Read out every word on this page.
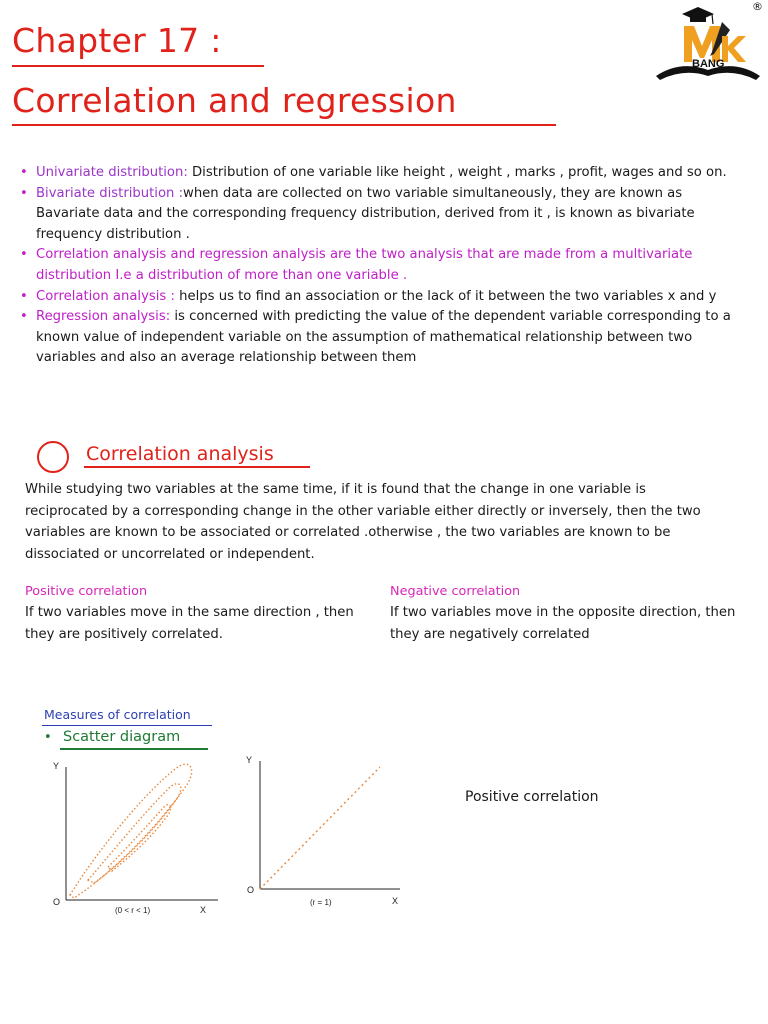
Chapter 17 :
Correlation and regression
BANG
®
• Univariate distribution: Distribution of one variable like height , weight , marks , profit, wages and so on.
• Bivariate distribution :when data are collected on two variable simultaneously, they are known as Bavariate data and the corresponding frequency distribution, derived from it , is known as bivariate frequency distribution .
• Correlation analysis and regression analysis are the two analysis that are made from a multivariate distribution I.e a distribution of more than one variable .
• Correlation analysis : helps us to find an association or the lack of it between the two variables x and y
• Regression analysis: is concerned with predicting the value of the dependent variable corresponding to a known value of independent variable on the assumption of mathematical relationship between two variables and also an average relationship between them
Correlation analysis
While studying two variables at the same time, if it is found that the change in one variable is reciprocated by a corresponding change in the other variable either directly or inversely, then the two variables are known to be associated or correlated .otherwise , the two variables are known to be dissociated or uncorrelated or independent.
Positive correlation
If two variables move in the same direction , then they are positively correlated.
Negative correlation
If two variables move in the opposite direction, then they are negatively correlated
Measures of correlation
• Scatter diagram
Y
O
X
(0 < r < 1)
Y
O
X
(r = 1)
Positive correlation
